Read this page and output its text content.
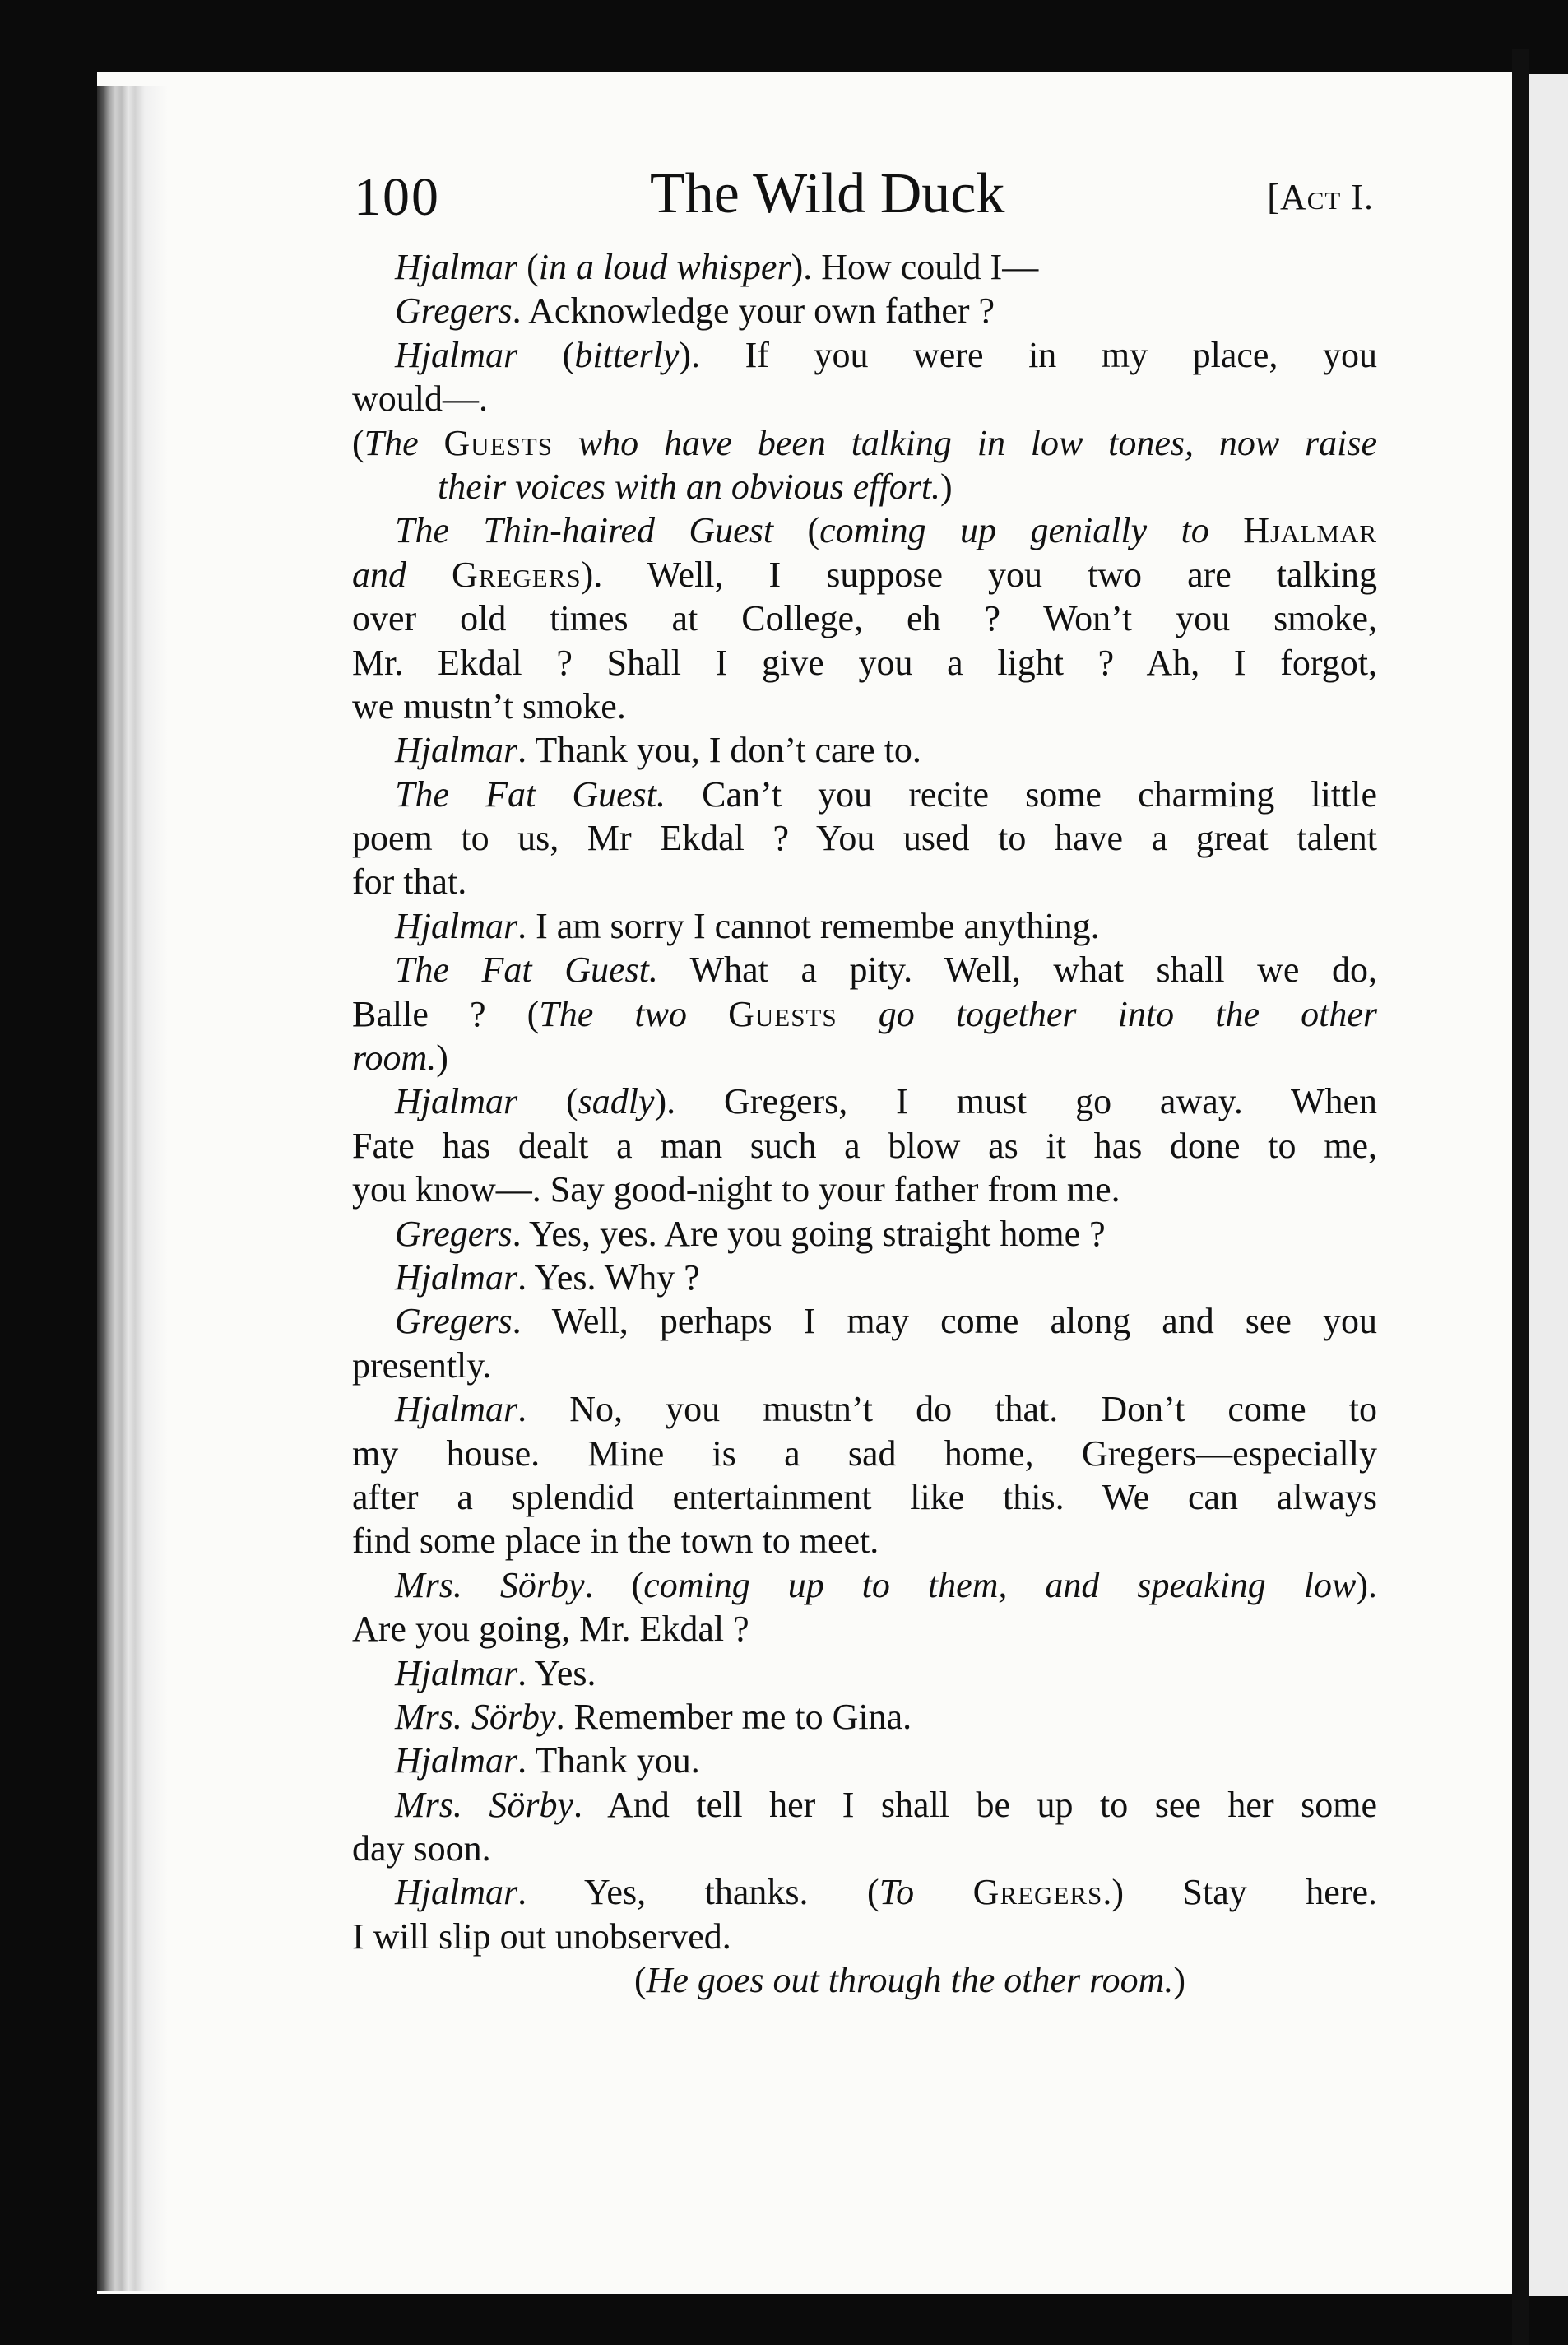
100	The Wild Duck	[Act I.
Hjalmar (in a loud whisper). How could I—
Gregers. Acknowledge your own father ?
Hjalmar (bitterly). If you were in my place, you
would—.
(The Guests who have been talking in low tones, now raise
their voices with an obvious effort.)
The Thin-haired Guest (coming up genially to Hjalmar
and Gregers). Well, I suppose you two are talking
over old times at College, eh ? Won’t you smoke,
Mr. Ekdal ? Shall I give you a light ? Ah, I forgot,
we mustn’t smoke.
Hjalmar. Thank you, I don’t care to.
The Fat Guest. Can’t you recite some charming little
poem to us, Mr Ekdal ? You used to have a great talent
for that.
Hjalmar. I am sorry I cannot remembe anything.
The Fat Guest. What a pity. Well, what shall we do,
Balle ? (The two Guests go together into the other
room.)
Hjalmar (sadly). Gregers, I must go away. When
Fate has dealt a man such a blow as it has done to me,
you know—. Say good-night to your father from me.
Gregers. Yes, yes. Are you going straight home ?
Hjalmar. Yes. Why ?
Gregers. Well, perhaps I may come along and see you
presently.
Hjalmar. No, you mustn’t do that. Don’t come to
my house. Mine is a sad home, Gregers—especially
after a splendid entertainment like this. We can always
find some place in the town to meet.
Mrs. Sörby. (coming up to them, and speaking low).
Are you going, Mr. Ekdal ?
Hjalmar. Yes.
Mrs. Sörby. Remember me to Gina.
Hjalmar. Thank you.
Mrs. Sörby. And tell her I shall be up to see her some
day soon.
Hjalmar. Yes, thanks. (To Gregers.) Stay here.
I will slip out unobserved.
(He goes out through the other room.)
